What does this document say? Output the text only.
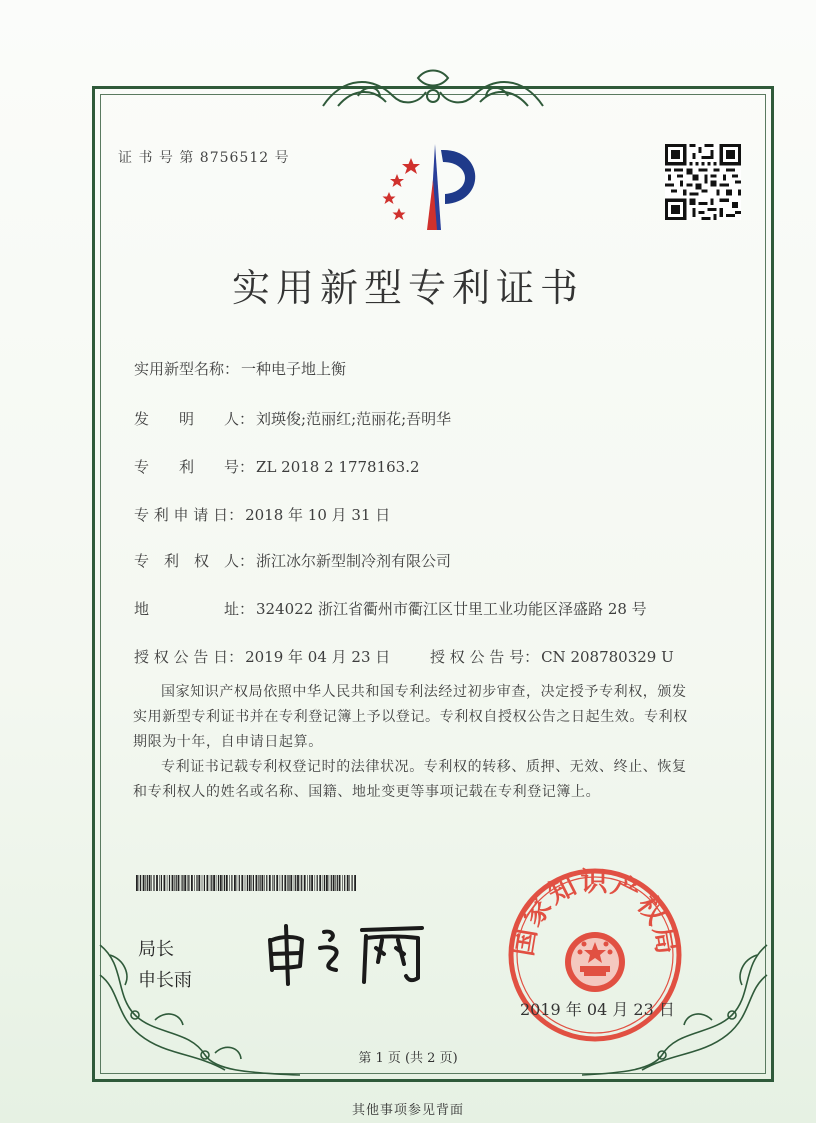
证 书 号 第 8756512 号
实用新型专利证书
实用新型名称： 一种电子地上衡
发　　明　　人： 刘瑛俊;范丽红;范丽花;吾明华
专　　利　　号： ZL 2018 2 1778163.2
专 利 申 请 日： 2018 年 10 月 31 日
专　利　权　人： 浙江冰尔新型制冷剂有限公司
地　　　　　址： 324022 浙江省衢州市衢江区廿里工业功能区泽盛路 28 号
授 权 公 告 日： 2019 年 04 月 23 日	授 权 公 告 号： CN 208780329 U
国家知识产权局依照中华人民共和国专利法经过初步审查，决定授予专利权，颁发实用新型专利证书并在专利登记簿上予以登记。专利权自授权公告之日起生效。专利权期限为十年，自申请日起算。
专利证书记载专利权登记时的法律状况。专利权的转移、质押、无效、终止、恢复和专利权人的姓名或名称、国籍、地址变更等事项记载在专利登记簿上。
局长
申长雨
国家知识产权局
2019 年 04 月 23 日
第 1 页 (共 2 页)
其他事项参见背面
